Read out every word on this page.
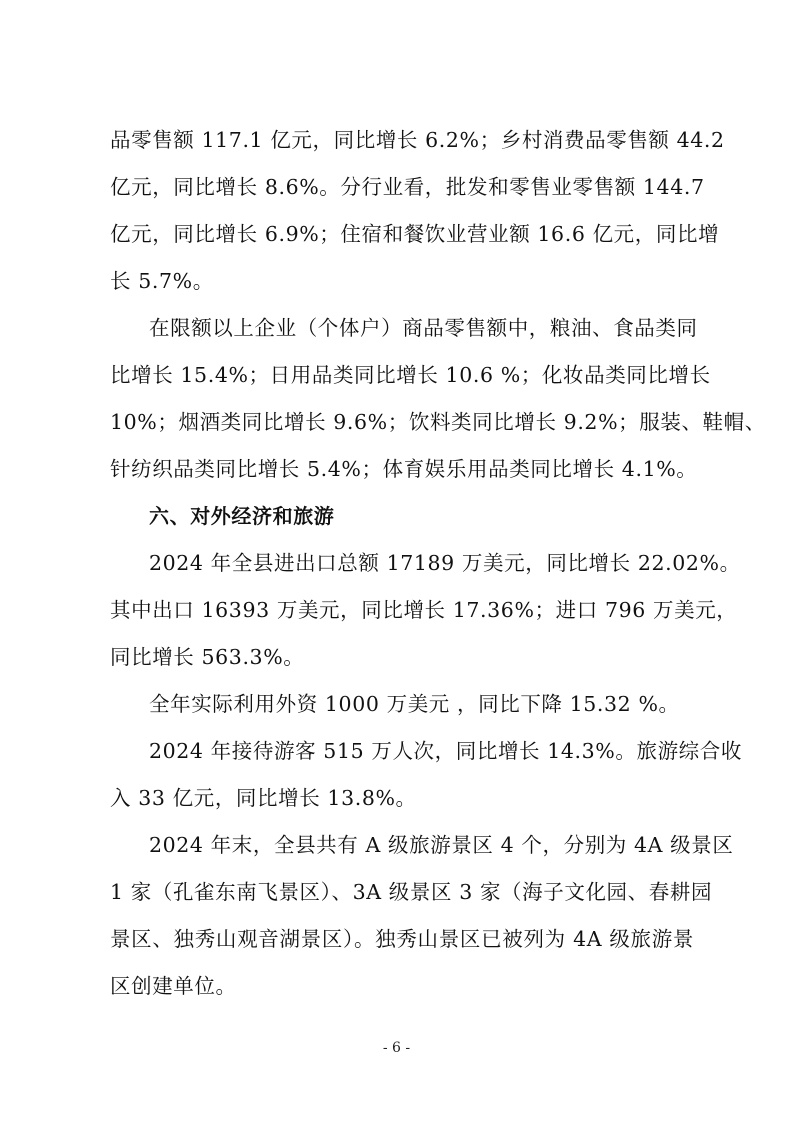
品零售额 117.1 亿元，同比增长 6.2%；乡村消费品零售额 44.2
亿元，同比增长 8.6%。分行业看，批发和零售业零售额 144.7
亿元，同比增长 6.9%；住宿和餐饮业营业额 16.6 亿元，同比增
长 5.7%。
在限额以上企业（个体户）商品零售额中，粮油、食品类同
比增长 15.4%；日用品类同比增长 10.6 %；化妆品类同比增长
10%；烟酒类同比增长 9.6%；饮料类同比增长 9.2%；服装、鞋帽、
针纺织品类同比增长 5.4%；体育娱乐用品类同比增长 4.1%。
六、对外经济和旅游
2024 年全县进出口总额 17189 万美元，同比增长 22.02%。
其中出口 16393 万美元，同比增长 17.36%；进口 796 万美元，
同比增长 563.3%。
全年实际利用外资 1000 万美元 ，同比下降 15.32 %。
2024 年接待游客 515 万人次，同比增长 14.3%。旅游综合收
入 33 亿元，同比增长 13.8%。
2024 年末，全县共有 A 级旅游景区 4 个，分别为 4A 级景区
1 家（孔雀东南飞景区）、3A 级景区 3 家（海子文化园、春耕园
景区、独秀山观音湖景区）。独秀山景区已被列为 4A 级旅游景
区创建单位。
- 6 -
